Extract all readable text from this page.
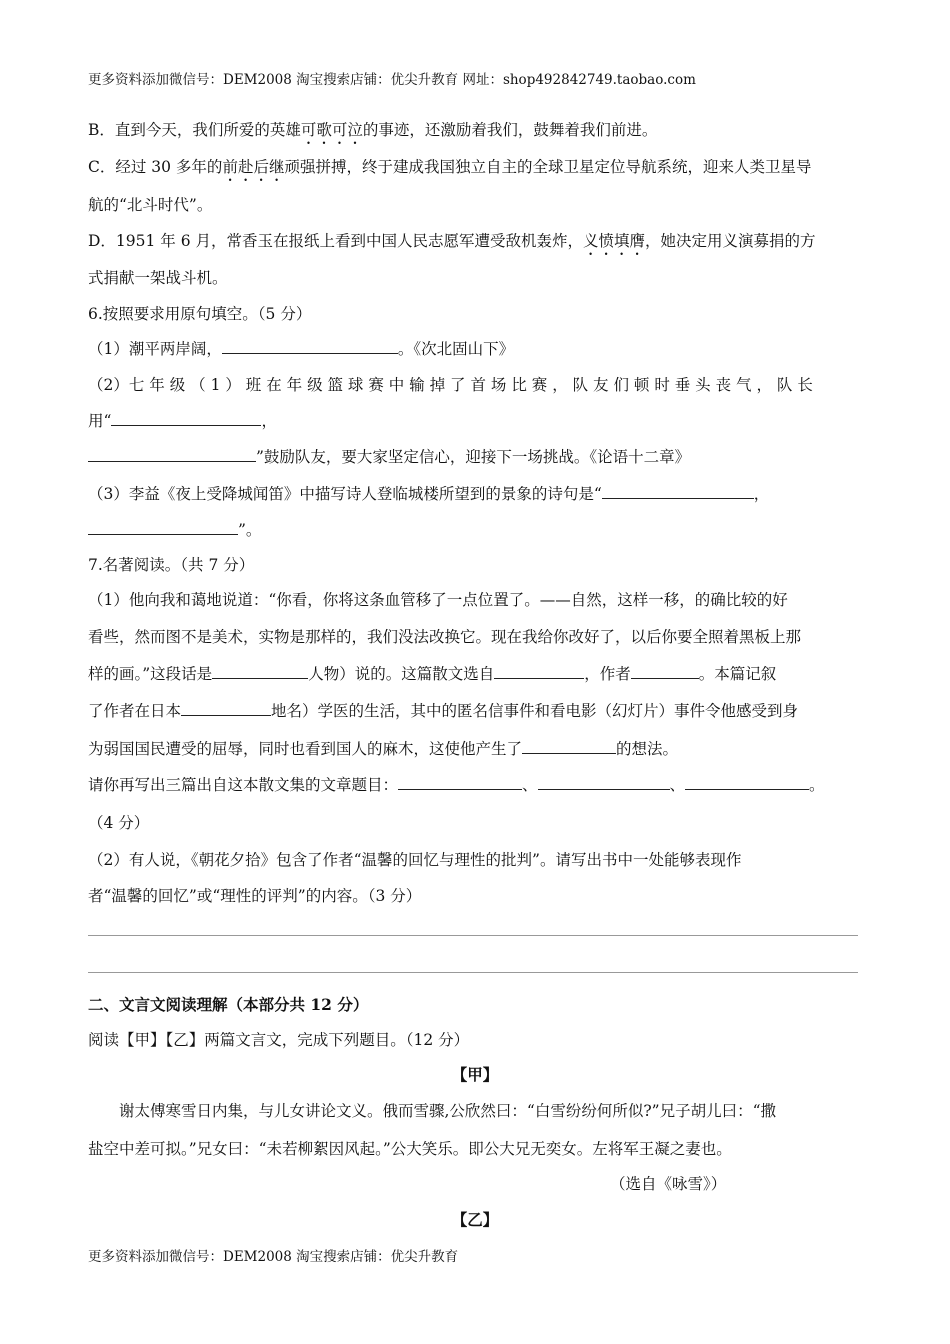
更多资料添加微信号：DEM2008 淘宝搜索店铺：优尖升教育 网址：shop492842749.taobao.com
B．直到今天，我们所爱的英雄可歌可泣的事迹，还激励着我们，鼓舞着我们前进。
C．经过 30 多年的前赴后继顽强拼搏，终于建成我国独立自主的全球卫星定位导航系统，迎来人类卫星导
航的“北斗时代”。
D．1951 年 6 月，常香玉在报纸上看到中国人民志愿军遭受敌机轰炸，义愤填膺，她决定用义演募捐的方
式捐献一架战斗机。
6.按照要求用原句填空。（5 分）
（1）潮平两岸阔，	。《次北固山下》
（2）七 年 级 （ 1 ） 班 在 年 级 篮 球 赛 中 输 掉 了 首 场 比 赛 ， 队 友 们 顿 时 垂 头 丧 气 ， 队 长
用“	，
”鼓励队友，要大家坚定信心，迎接下一场挑战。《论语十二章》
（3）李益《夜上受降城闻笛》中描写诗人登临城楼所望到的景象的诗句是“	，
”。
7.名著阅读。（共 7 分）
（1）他向我和蔼地说道：“你看，你将这条血管移了一点位置了。——自然，这样一移，的确比较的好
看些，然而图不是美术，实物是那样的，我们没法改换它。现在我给你改好了，以后你要全照着黑板上那
样的画。”这段话是	人物）说的。这篇散文选自	，作者	。本篇记叙
了作者在日本	地名）学医的生活，其中的匿名信事件和看电影（幻灯片）事件令他感受到身
为弱国国民遭受的屈辱，同时也看到国人的麻木，这使他产生了	的想法。
请你再写出三篇出自这本散文集的文章题目：	、	、	。
（4 分）
（2）有人说，《朝花夕拾》包含了作者“温馨的回忆与理性的批判”。请写出书中一处能够表现作
者“温馨的回忆”或“理性的评判”的内容。（3 分）
二、文言文阅读理解（本部分共 12 分）
阅读【甲】【乙】两篇文言文，完成下列题目。（12 分）
【甲】
谢太傅寒雪日内集，与儿女讲论文义。俄而雪骤,公欣然曰：“白雪纷纷何所似?”兄子胡儿曰：“撒
盐空中差可拟。”兄女曰：“未若柳絮因风起。”公大笑乐。即公大兄无奕女。左将军王凝之妻也。
（选自《咏雪》）
【乙】
更多资料添加微信号：DEM2008 淘宝搜索店铺：优尖升教育
